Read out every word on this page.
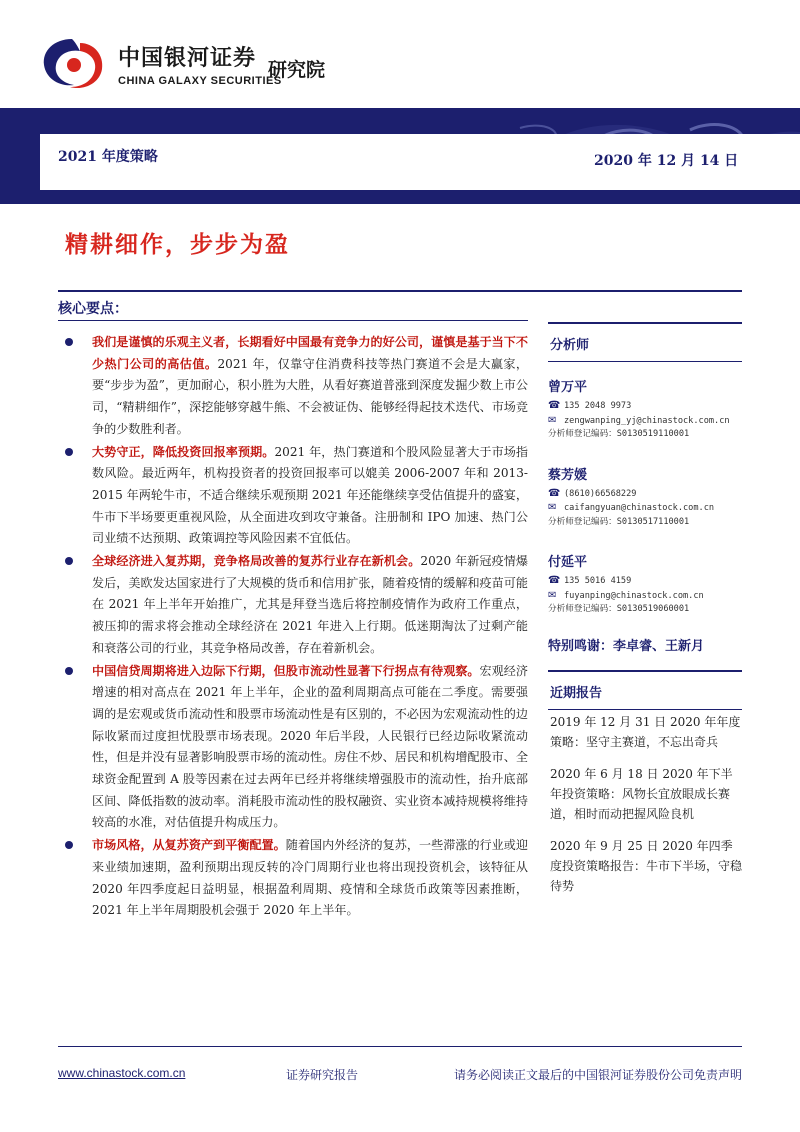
中国银河证券
CHINA GALAXY SECURITIES
研究院
2021 年度策略	2020 年 12 月 14 日
精耕细作，步步为盈
核心要点：
我们是谨慎的乐观主义者，长期看好中国最有竞争力的好公司，谨慎是基于当下不少热门公司的高估值。2021 年，仅靠守住消费科技等热门赛道不会是大赢家，要“步步为盈”，更加耐心，积小胜为大胜，从看好赛道普涨到深度发掘少数上市公司，“精耕细作”，深挖能够穿越牛熊、不会被证伪、能够经得起技术迭代、市场竞争的少数胜利者。
大势守正，降低投资回报率预期。2021 年，热门赛道和个股风险显著大于市场指数风险。最近两年，机构投资者的投资回报率可以媲美 2006-2007 年和 2013-2015 年两轮牛市，不适合继续乐观预期 2021 年还能继续享受估值提升的盛宴，牛市下半场要更重视风险，从全面进攻到攻守兼备。注册制和 IPO 加速、热门公司业绩不达预期、政策调控等风险因素不宜低估。
全球经济进入复苏期，竞争格局改善的复苏行业存在新机会。2020 年新冠疫情爆发后，美欧发达国家进行了大规模的货币和信用扩张，随着疫情的缓解和疫苗可能在 2021 年上半年开始推广，尤其是拜登当选后将控制疫情作为政府工作重点，被压抑的需求将会推动全球经济在 2021 年进入上行期。低迷期淘汰了过剩产能和衰落公司的行业，其竞争格局改善，存在着新机会。
中国信贷周期将进入边际下行期，但股市流动性显著下行拐点有待观察。宏观经济增速的相对高点在 2021 年上半年，企业的盈利周期高点可能在二季度。需要强调的是宏观或货币流动性和股票市场流动性是有区别的，不必因为宏观流动性的边际收紧而过度担忧股票市场表现。2020 年后半段，人民银行已经边际收紧流动性，但是并没有显著影响股票市场的流动性。房住不炒、居民和机构增配股市、全球资金配置到 A 股等因素在过去两年已经并将继续增强股市的流动性，抬升底部区间、降低指数的波动率。消耗股市流动性的股权融资、实业资本减持规模将维持较高的水准，对估值提升构成压力。
市场风格，从复苏资产到平衡配置。随着国内外经济的复苏，一些滞涨的行业或迎来业绩加速期，盈利预期出现反转的冷门周期行业也将出现投资机会，该特征从 2020 年四季度起日益明显，根据盈利周期、疫情和全球货币政策等因素推断，2021 年上半年周期股机会强于 2020 年上半年。
分析师
曾万平
☎ 135 2048 9973
✉ zengwanping_yj@chinastock.com.cn
分析师登记编码：S0130519110001
蔡芳媛
☎ (8610)66568229
✉ caifangyuan@chinastock.com.cn
分析师登记编码：S0130517110001
付延平
☎ 135 5016 4159
✉ fuyanping@chinastock.com.cn
分析师登记编码：S0130519060001
特别鸣谢：李卓睿、王新月
近期报告
2019 年 12 月 31 日 2020 年年度策略：坚守主赛道，不忘出奇兵
2020 年 6 月 18 日 2020 年下半年投资策略：风物长宜放眼成长赛道，相时而动把握风险良机
2020 年 9 月 25 日 2020 年四季度投资策略报告：牛市下半场，守稳待势
www.chinastock.com.cn	证券研究报告	请务必阅读正文最后的中国银河证券股份公司免责声明
